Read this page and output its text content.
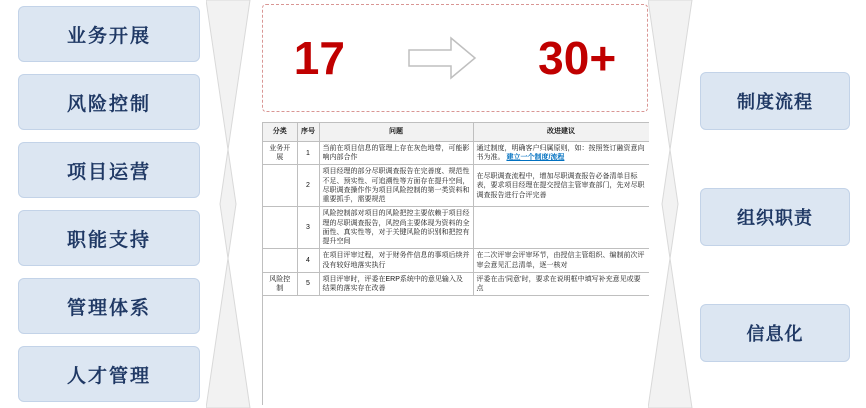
业务开展
风险控制
项目运营
职能支持
管理体系
人才管理
17	30+
分类	序号	问题	改进建议
业务开展	1	当前在项目信息的管理上存在灰色地带，可能影响内部合作	通过制度，明确客户归属原则，如：按照签订融资意向书为准。 建立一个制度/流程
	2	项目经理的部分尽职调查报告在完善度、规范性不足、预实性、可追溯性等方面存在提升空间，尽职调查操作作为项目风险控制的第一类资料和重要抓手，需要规范	在尽职调查流程中，增加尽职调查报告必备清单目标表，要求项目经理在提交授信主管审查部门，先对尽职调查报告进行合评完善
	3	风险控制部对项目的风险把控主要依赖于项目经理的尽职调查报告，风控尚主要体现为资料的全面性、真实性等，对于关键风险的识别和把控有提升空间	
	4	在项目评审过程，对于财务件信息的事项后续并没有较好地落实执行	在二次评审会评审环节，由授信主管组织、编制前次评审会意见汇总清单，逐一核对
风险控制	5	项目评审时，评委在ERP系统中的意见输入及结果的落实存在改善	评委在击‘同意’时，要求在说明框中填写补充意见或要点
制度流程
组织职责
信息化
